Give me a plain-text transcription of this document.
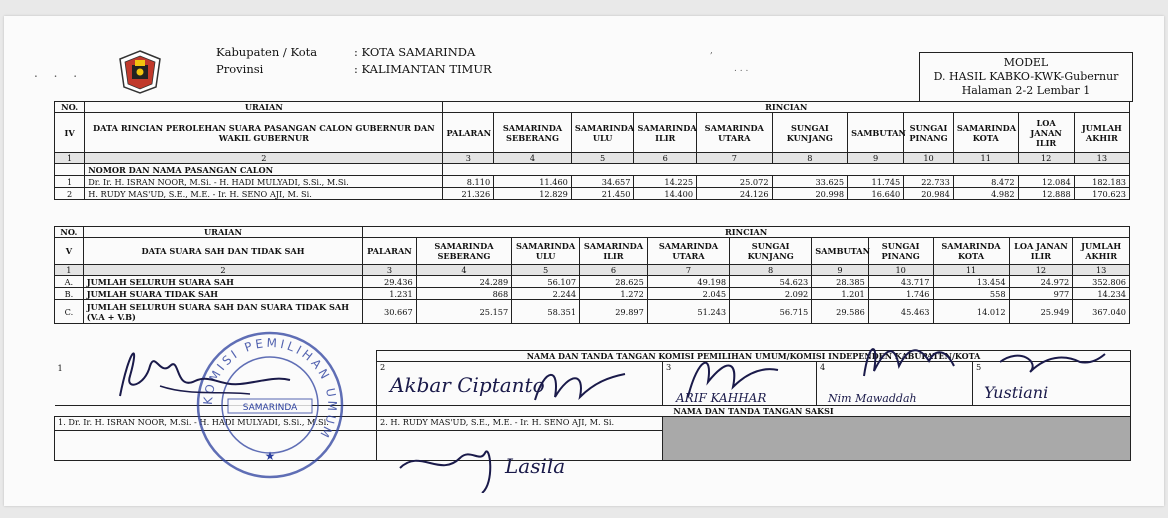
. . .
Kabupaten / Kota	: KOTA SAMARINDA
Provinsi	: KALIMANTAN TIMUR
,
. . .	MODEL
D. HASIL KABKO-KWK-Gubernur
Halaman 2-2 Lembar 1
NO.	URAIAN	RINCIAN										
IV	DATA RINCIAN PEROLEHAN SUARA PASANGAN CALON GUBERNUR DAN WAKIL GUBERNUR	PALARAN	SAMARINDA SEBERANG	SAMARINDA ULU	SAMARINDA ILIR	SAMARINDA UTARA	SUNGAI KUNJANG	SAMBUTAN	SUNGAI PINANG	SAMARINDA KOTA	LOA JANAN ILIR	JUMLAH AKHIR
1	2	3	4	5	6	7	8	9	10	11	12	13
	NOMOR DAN NAMA PASANGAN CALON											
1	Dr. Ir. H. ISRAN NOOR, M.Si. - H. HADI MULYADI, S.Si., M.Si.	8.110	11.460	34.657	14.225	25.072	33.625	11.745	22.733	8.472	12.084	182.183
2	H. RUDY MAS'UD, S.E., M.E. - Ir. H. SENO AJI, M. Si.	21.326	12.829	21.450	14.400	24.126	20.998	16.640	20.984	4.982	12.888	170.623
NO.	URAIAN	RINCIAN										
V	DATA SUARA SAH DAN TIDAK SAH	PALARAN	SAMARINDA SEBERANG	SAMARINDA ULU	SAMARINDA ILIR	SAMARINDA UTARA	SUNGAI KUNJANG	SAMBUTAN	SUNGAI PINANG	SAMARINDA KOTA	LOA JANAN ILIR	JUMLAH AKHIR
1	2	3	4	5	6	7	8	9	10	11	12	13
A.	JUMLAH SELURUH SUARA SAH	29.436	24.289	56.107	28.625	49.198	54.623	28.385	43.717	13.454	24.972	352.806
B.	JUMLAH SUARA TIDAK SAH	1.231	868	2.244	1.272	2.045	2.092	1.201	1.746	558	977	14.234
C.	JUMLAH SELURUH SUARA SAH DAN SUARA TIDAK SAH (V.A + V.B)	30.667	25.157	58.351	29.897	51.243	56.715	29.586	45.463	14.012	25.949	367.040
1	NAMA DAN TANDA TANGAN KOMISI PEMILIHAN UMUM/KOMISI INDEPENDEN KABUPATEN/KOTA			
	2	3	4	5
	NAMA DAN TANDA TANGAN SAKSI			
1. Dr. Ir. H. ISRAN NOOR, M.Si. - H. HADI MULYADI, S.Si., M.Si.	2. H. RUDY MAS'UD, S.E., M.E. - Ir. H. SENO AJI, M. Si.			

KOMISI PEMILIHAN UMUM
SAMARINDA
★
Akbar Ciptanto
ARIF KAHHAR	Nim Mawaddah	Yustiani
Lasila
